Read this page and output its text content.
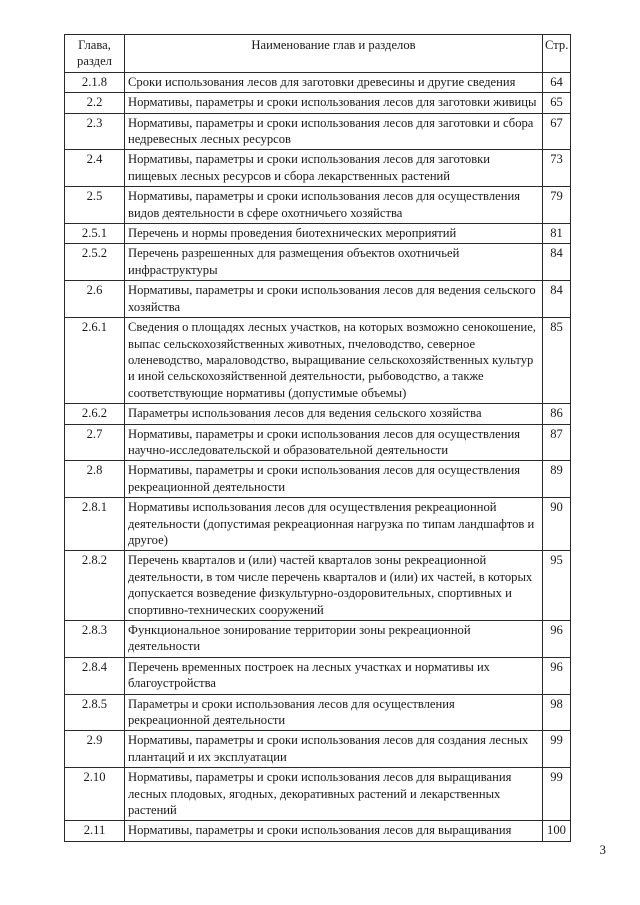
Глава, раздел	Наименование глав и разделов	Стр.
2.1.8	Сроки использования лесов для заготовки древесины и другие сведения	64
2.2	Нормативы, параметры и сроки использования лесов для заготовки живицы	65
2.3	Нормативы, параметры и сроки использования лесов для заготовки и сбора недревесных лесных ресурсов	67
2.4	Нормативы, параметры и сроки использования лесов для заготовки пищевых лесных ресурсов и сбора лекарственных растений	73
2.5	Нормативы, параметры и сроки использования лесов для осуществления видов деятельности в сфере охотничьего хозяйства	79
2.5.1	Перечень и нормы проведения биотехнических мероприятий	81
2.5.2	Перечень разрешенных для размещения объектов охотничьей инфраструктуры	84
2.6	Нормативы, параметры и сроки использования лесов для ведения сельского хозяйства	84
2.6.1	Сведения о площадях лесных участков, на которых возможно сенокошение, выпас сельскохозяйственных животных, пчеловодство, северное оленеводство, мараловодство, выращивание сельскохозяйственных культур и иной сельскохозяйственной деятельности, рыбоводство, а также соответствующие нормативы (допустимые объемы)	85
2.6.2	Параметры использования лесов для ведения сельского хозяйства	86
2.7	Нормативы, параметры и сроки использования лесов для осуществления научно-исследовательской и образовательной деятельности	87
2.8	Нормативы, параметры и сроки использования лесов для осуществления рекреационной деятельности	89
2.8.1	Нормативы использования лесов для осуществления рекреационной деятельности (допустимая рекреационная нагрузка по типам ландшафтов и другое)	90
2.8.2	Перечень кварталов и (или) частей кварталов зоны рекреационной деятельности, в том числе перечень кварталов и (или) их частей, в которых допускается возведение физкультурно-оздоровительных, спортивных и спортивно-технических сооружений	95
2.8.3	Функциональное зонирование территории зоны рекреационной деятельности	96
2.8.4	Перечень временных построек на лесных участках и нормативы их благоустройства	96
2.8.5	Параметры и сроки использования лесов для осуществления рекреационной деятельности	98
2.9	Нормативы, параметры и сроки использования лесов для создания лесных плантаций и их эксплуатации	99
2.10	Нормативы, параметры и сроки использования лесов для выращивания лесных плодовых, ягодных, декоративных растений и лекарственных растений	99
2.11	Нормативы, параметры и сроки использования лесов для выращивания	100
3
